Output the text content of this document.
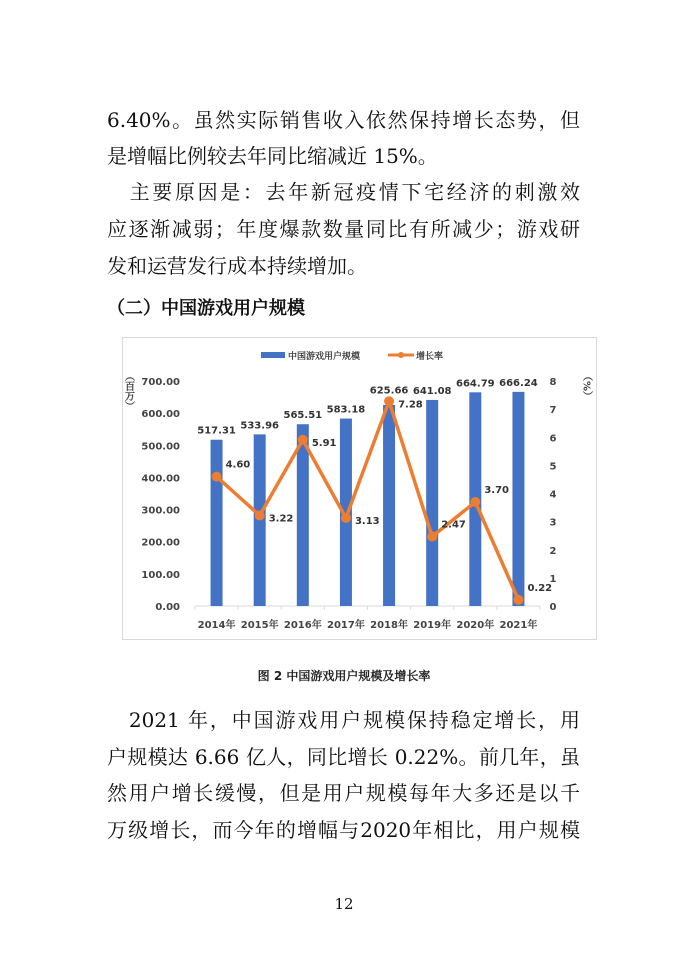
6.40%。虽然实际销售收入依然保持增长态势，但
是增幅比例较去年同比缩减近 15%。
　主要原因是：去年新冠疫情下宅经济的刺激效
应逐渐减弱；年度爆款数量同比有所减少；游戏研
发和运营发行成本持续增加。
（二）中国游戏用户规模
中国游戏用户规模	增长率
（百万）	（%）
0.00
100.00
200.00
300.00
400.00
500.00
600.00
700.00
0
1
2
3
4
5
6
7
8
2014年 2015年 2016年 2017年 2018年 2019年 2020年 2021年
4.60
3.22
5.91
3.13
7.28
2.47
3.70
0.22
517.31 533.96
565.51
583.18
625.66 641.08
664.79 666.24
图 2 中国游戏用户规模及增长率
　2021 年，中国游戏用户规模保持稳定增长，用
户规模达 6.66 亿人，同比增长 0.22%。前几年，虽
然用户增长缓慢，但是用户规模每年大多还是以千
万级增长，而今年的增幅与2020年相比，用户规模
12
